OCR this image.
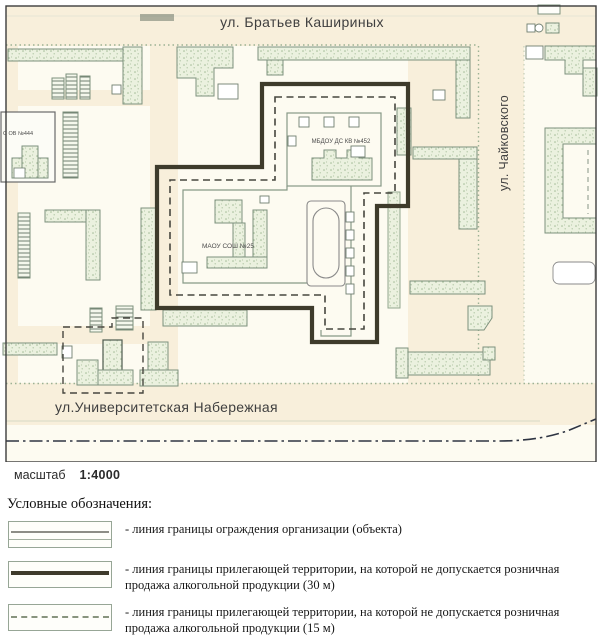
ул. Братьев Кашириных
ул. Чайковского
ул.Университетская Набережная
МБДОУ ДС КВ №452
МАОУ СОШ №25
С ОВ №444
масштаб 1:4000
Условные обозначения:
- линия границы ограждения организации (объекта)
- линия границы прилегающей территории, на которой не допускается розничная продажа алкогольной продукции (30 м)
- линия границы прилегающей территории, на которой не допускается розничная продажа алкогольной продукции (15 м)
